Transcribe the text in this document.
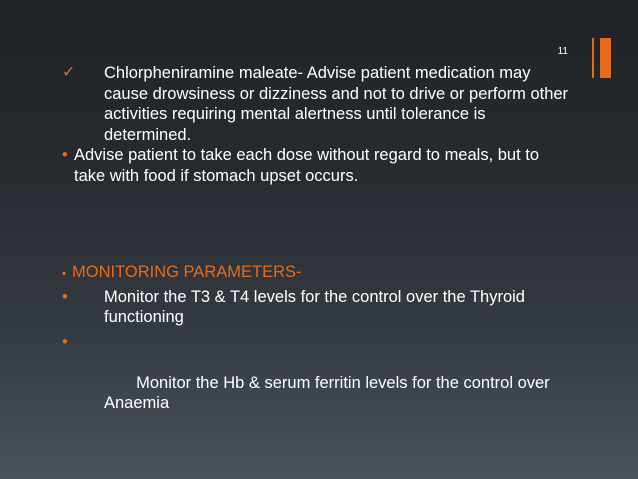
11
✓ Chlorpheniramine maleate- Advise patient medication may cause drowsiness or dizziness and not to drive or perform other activities requiring mental alertness until tolerance is determined.
• Advise patient to take each dose without regard to meals, but to take with food if stomach upset occurs.
▪ MONITORING PARAMETERS-
• Monitor the T3 & T4 levels for the control over the Thyroid functioning

•

Monitor the Hb & serum ferritin levels for the control over Anaemia
